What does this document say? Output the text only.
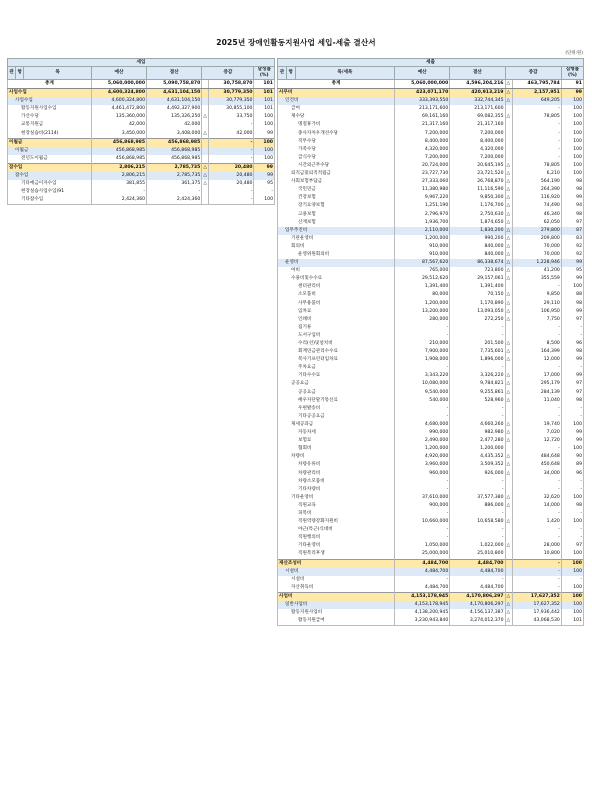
2025년 장애인활동지원사업 세입-세출 결산서
(단위:원)
세입							
관	항	목	예산	결산	증감		달성률(%)
총계			5,060,000,000	5,090,758,870		30,758,870	101
사업수입			4,600,324,800	4,631,104,150		30,779,350	101
사업수입			4,600,324,800	4,631,104,150		30,779,350	101
활동지원사업수입			4,461,472,800	4,492,327,900		30,855,100	101
가산수당			135,360,000	135,326,250	△	33,750	100
교통지원금			42,000	42,000		-	100
현장실습비(2114)			3,450,000	3,408,000	△	42,000	99
이월금			456,868,985	456,868,985		-	100
이월금			456,868,985	456,868,985		-	100
전년도이월금			456,868,985	456,868,985		-	100
잡수입			2,806,215	2,785,735	△	20,480	99
잡수입			2,806,215	2,785,735	△	20,480	99
기타예금이자수입			381,855	361,375	△	20,480	95
현장실습사업수입(91			-	-		-	-
기타잡수입			2,424,360	2,424,360		-	100
세출							
관	항	목/세목	예산	결산	증감		집행률(%)
총계			5,060,000,000	4,596,204,216	△	463,795,784	91
사무비			423,071,170	420,913,219	△	2,157,951	99
인건비			333,393,550	332,744,345	△	649,205	100
급여			213,171,600	213,171,600		-	100
제수당			69,161,160	69,082,355	△	78,805	100
명절휴가비			21,317,160	21,317,160		-	100
종사자처우개선수당			7,200,000	7,200,000		-	100
직무수당			8,400,000	8,400,000		-	100
가족수당			4,320,000	4,320,000		-	100
급식수당			7,200,000	7,200,000		-	100
시간외근무수당			20,724,000	20,645,195	△	78,805	100
퇴직금및퇴직적립금			23,727,730	23,721,520	△	6,210	100
사회보험부담금			27,333,060	26,768,870	△	564,190	98
국민연금			11,380,980	11,116,590	△	264,390	98
건강보험			9,967,220	9,850,300	△	116,920	99
장기요양보험			1,251,190	1,176,700	△	74,490	94
고용보험			2,796,970	2,750,630	△	46,340	98
산재보험			1,936,700	1,874,650	△	62,050	97
업무추진비			2,110,000	1,830,200	△	279,800	87
기관운영비			1,200,000	990,200	△	209,800	83
회의비			910,000	840,000	△	70,000	92
운영위원회의비			910,000	840,000	△	70,000	92
운영비			87,567,620	86,338,674	△	1,228,946	99
여비			765,000	723,800	△	41,200	95
수용비및수수료			29,512,620	29,157,061	△	355,559	99
센터관리비			1,391,400	1,391,400		-	100
소모품비			80,000	70,150	△	9,850	88
사무용품비			1,200,000	1,170,890	△	29,110	98
임차료			13,200,000	13,093,050	△	106,950	99
인쇄비			280,000	272,250	△	7,750	97
집기류			-	-		-	-
도서구입비			-	-		-	-
수리(선)및설치비			210,000	201,500	△	8,500	96
회계연금관리수수료			7,900,000	7,735,601	△	164,399	98
복사기프린터임차료			1,908,000	1,896,000	△	12,000	99
주차요금			-	-		-	-
기타수수료			3,343,220	3,326,220	△	17,000	99
공공요금			10,080,000	9,784,821	△	295,179	97
공공요금			9,540,000	9,255,861	△	284,139	97
배우자단말기통신료			540,000	528,960	△	11,040	98
우편발송비			-	-		-	-
기타공공요금			-	-		-	-
제세공과금			4,680,000	4,660,260	△	19,740	100
자동차세			990,000	982,980	△	7,020	99
보험료			2,490,000	2,477,280	△	12,720	99
협회비			1,200,000	1,200,000		-	100
차량비			4,920,000	4,435,352	△	484,648	90
차량유류비			3,960,000	3,509,352	△	450,648	89
차량관리비			960,000	926,000	△	34,000	96
차량소모품비			-	-		-	-
기타차량비			-	-		-	-
기타운영비			37,610,000	37,577,380	△	32,620	100
직원교육			900,000	886,000	△	14,000	98
피복비			-	-		-	-
직원역량강화지원비			10,660,000	10,658,580	△	1,420	100
야근(특근)식대비			-	-		-	-
직원행의비			-	-		-	-
기타운영비			1,050,000	1,022,000	△	28,000	97
직원복리후생			25,000,000	25,010,800		10,800	100
재산조성비			4,484,700	4,484,700		-	100
시설비			4,484,700	4,484,700		-	100
시설비			-	-		-	-
자산취득비			4,484,700	4,484,700		-	100
사업비			4,153,178,945	4,170,806,297	△	17,627,352	100
일반사업비			4,153,178,945	4,170,806,297	△	17,627,352	100
활동지원사업비			4,138,200,945	4,156,137,387	△	17,936,442	100
활동지원급여			3,230,943,840	3,274,012,370	△	43,068,530	101
